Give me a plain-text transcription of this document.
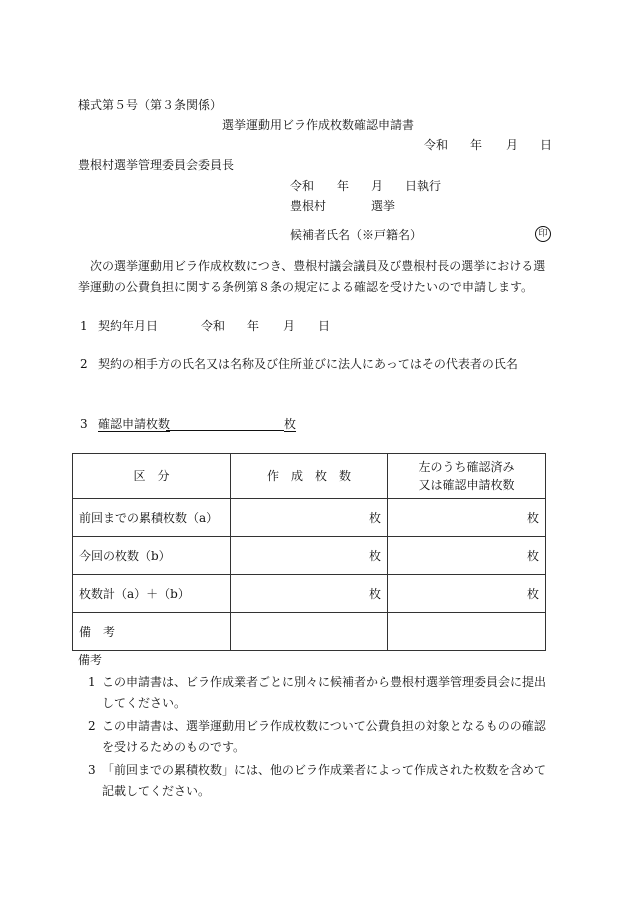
様式第５号（第３条関係）
選挙運動用ビラ作成枚数確認申請書
令和 年 月 日
豊根村選挙管理委員会委員長
令和 年 月 日執行
豊根村	選挙
候補者氏名（※戸籍名）	印
次の選挙運動用ビラ作成枚数につき、豊根村議会議員及び豊根村長の選挙における選挙運動の公費負担に関する条例第８条の規定による確認を受けたいので申請します。
1 契約年月日	令和 年 月 日
2 契約の相手方の氏名又は名称及び住所並びに法人にあってはその代表者の氏名
3 確認申請枚数	枚
区　分	作　成　枚　数	左のうち確認済み
又は確認申請枚数

前回までの累積枚数（a）	枚	枚
今回の枚数（b）	枚	枚
枚数計（a）＋（b）	枚	枚
備　考		
備考
1 この申請書は、ビラ作成業者ごとに別々に候補者から豊根村選挙管理委員会に提出してください。
2 この申請書は、選挙運動用ビラ作成枚数について公費負担の対象となるものの確認を受けるためのものです。
3 「前回までの累積枚数」には、他のビラ作成業者によって作成された枚数を含めて記載してください。
